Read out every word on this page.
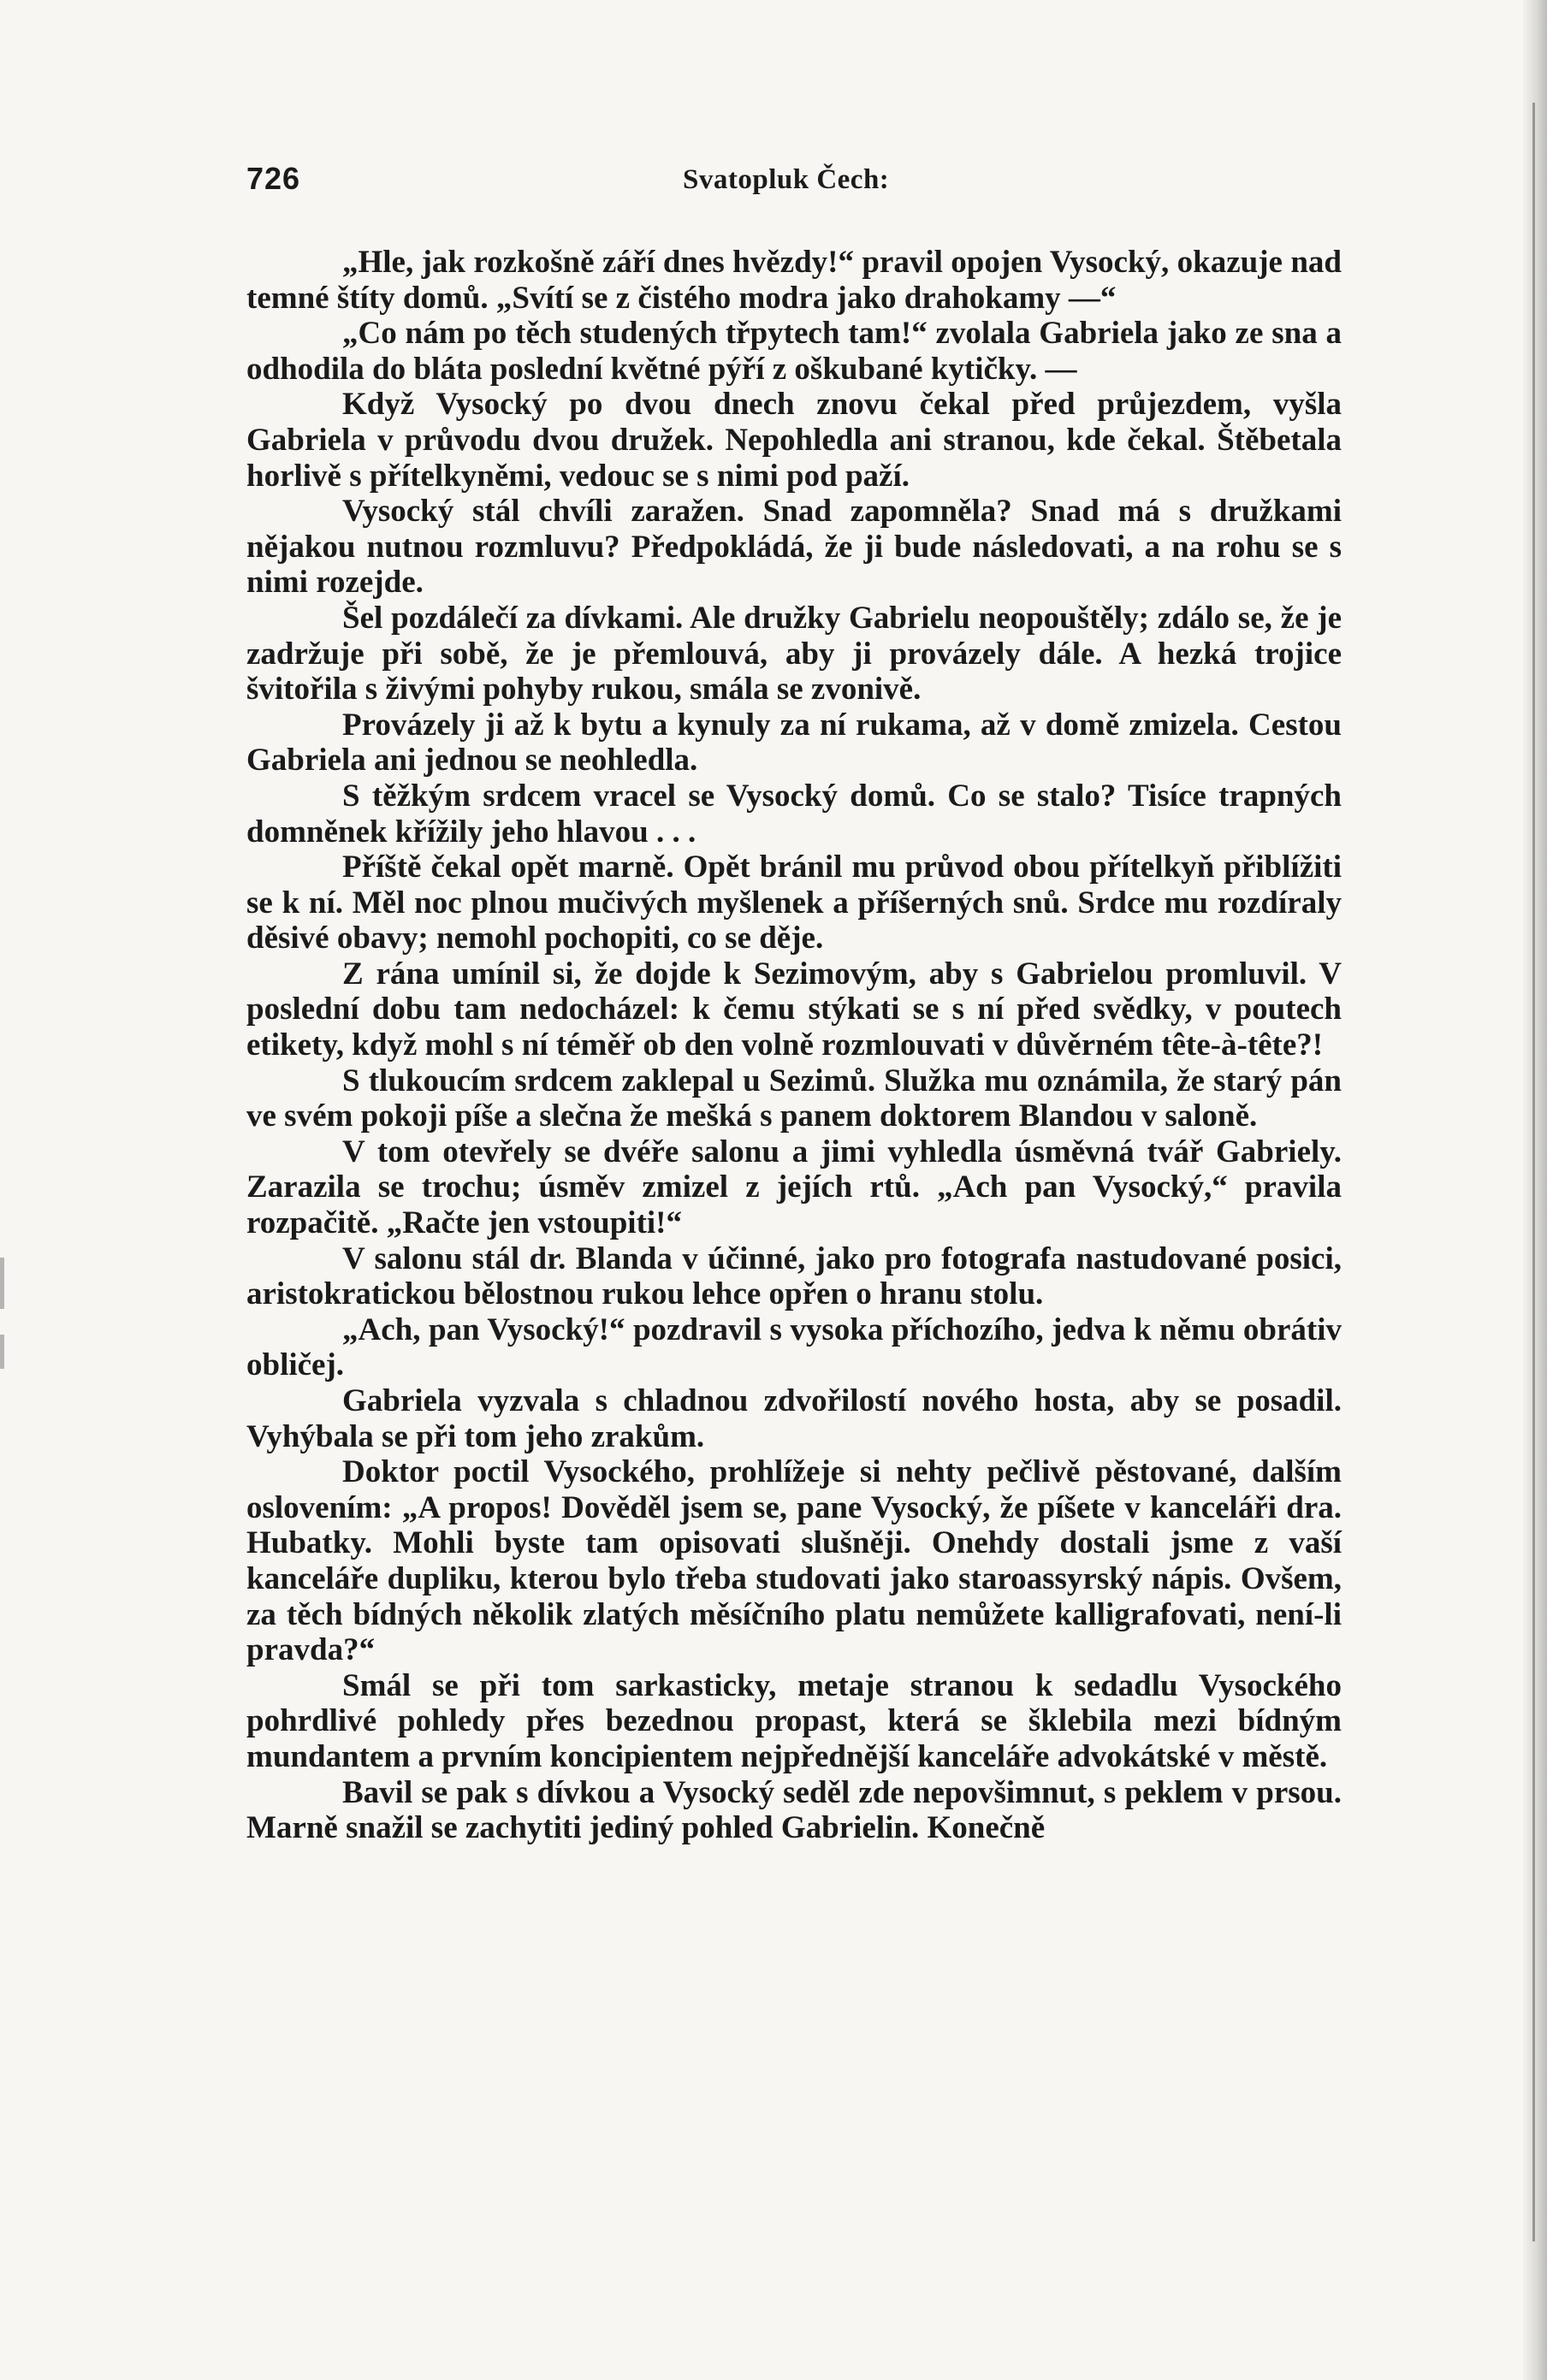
726	Svatopluk Čech:

„Hle, jak rozkošně září dnes hvězdy!“ pravil opojen Vysocký, okazuje nad temné štíty domů. „Svítí se z čistého modra jako drahokamy —“

„Co nám po těch studených třpytech tam!“ zvolala Gabriela jako ze sna a odhodila do bláta poslední květné pýří z oškubané kytičky. —

Když Vysocký po dvou dnech znovu čekal před průjezdem, vyšla Gabriela v průvodu dvou družek. Nepohledla ani stranou, kde čekal. Štěbetala horlivě s přítelkyněmi, vedouc se s nimi pod paží.

Vysocký stál chvíli zaražen. Snad zapomněla? Snad má s družkami nějakou nutnou rozmluvu? Předpokládá, že ji bude následovati, a na rohu se s nimi rozejde.

Šel pozdálečí za dívkami. Ale družky Gabrielu neopouštěly; zdálo se, že je zadržuje při sobě, že je přemlouvá, aby ji provázely dále. A hezká trojice švitořila s živými pohyby rukou, smála se zvonivě.

Provázely ji až k bytu a kynuly za ní rukama, až v domě zmizela. Cestou Gabriela ani jednou se neohledla.

S těžkým srdcem vracel se Vysocký domů. Co se stalo? Tisíce trapných domněnek křížily jeho hlavou . . .

Příště čekal opět marně. Opět bránil mu průvod obou přítelkyň přiblížiti se k ní. Měl noc plnou mučivých myšlenek a příšerných snů. Srdce mu rozdíraly děsivé obavy; nemohl pochopiti, co se děje.

Z rána umínil si, že dojde k Sezimovým, aby s Gabrielou promluvil. V poslední dobu tam nedocházel: k čemu stýkati se s ní před svědky, v poutech etikety, když mohl s ní téměř ob den volně rozmlouvati v důvěrném tête-à-tête?!

S tlukoucím srdcem zaklepal u Sezimů. Služka mu oznámila, že starý pán ve svém pokoji píše a slečna že mešká s panem doktorem Blandou v saloně.

V tom otevřely se dvéře salonu a jimi vyhledla úsměvná tvář Gabriely. Zarazila se trochu; úsměv zmizel z jejích rtů. „Ach pan Vysocký,“ pravila rozpačitě. „Račte jen vstoupiti!“

V salonu stál dr. Blanda v účinné, jako pro fotografa nastudované posici, aristokratickou bělostnou rukou lehce opřen o hranu stolu.

„Ach, pan Vysocký!“ pozdravil s vysoka příchozího, jedva k němu obrátiv obličej.

Gabriela vyzvala s chladnou zdvořilostí nového hosta, aby se posadil. Vyhýbala se při tom jeho zrakům.

Doktor poctil Vysockého, prohlížeje si nehty pečlivě pěstované, dalším oslovením: „A propos! Dověděl jsem se, pane Vysocký, že píšete v kanceláři dra. Hubatky. Mohli byste tam opisovati slušněji. Onehdy dostali jsme z vaší kanceláře dupliku, kterou bylo třeba studovati jako staroassyrský nápis. Ovšem, za těch bídných několik zlatých měsíčního platu nemůžete kalligrafovati, není-li pravda?“

Smál se při tom sarkasticky, metaje stranou k sedadlu Vysockého pohrdlivé pohledy přes bezednou propast, která se šklebila mezi bídným mundantem a prvním koncipientem nejpřednější kanceláře advokátské v městě.

Bavil se pak s dívkou a Vysocký seděl zde nepovšimnut, s peklem v prsou. Marně snažil se zachytiti jediný pohled Gabrielin. Konečně
